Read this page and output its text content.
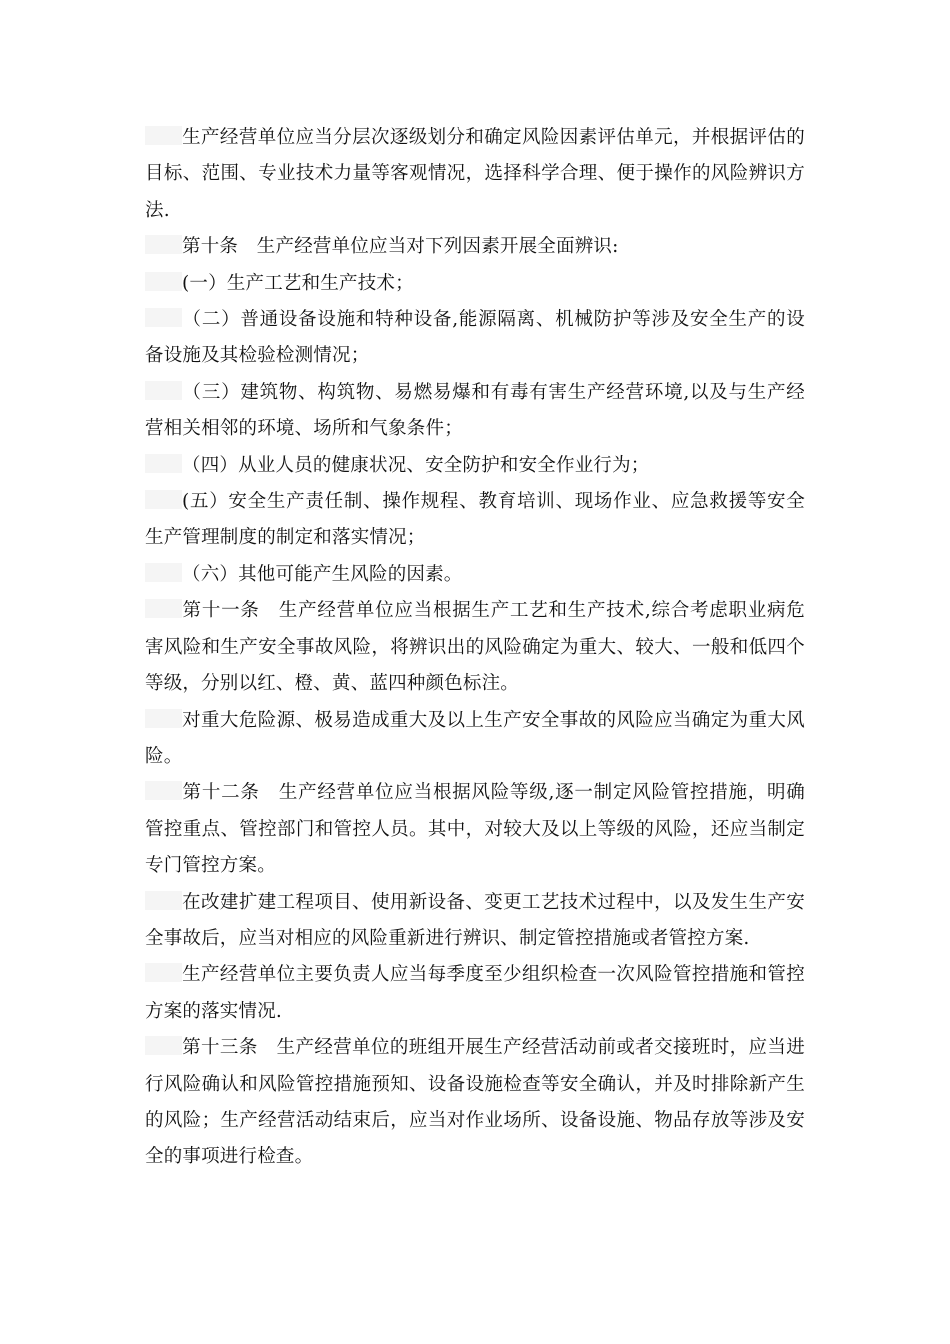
生产经营单位应当分层次逐级划分和确定风险因素评估单元，并根据评估的目标、范围、专业技术力量等客观情况，选择科学合理、便于操作的风险辨识方法.

第十条　生产经营单位应当对下列因素开展全面辨识:

(一）生产工艺和生产技术；

（二）普通设备设施和特种设备,能源隔离、机械防护等涉及安全生产的设备设施及其检验检测情况；

（三）建筑物、构筑物、易燃易爆和有毒有害生产经营环境,以及与生产经营相关相邻的环境、场所和气象条件；

（四）从业人员的健康状况、安全防护和安全作业行为；

(五）安全生产责任制、操作规程、教育培训、现场作业、应急救援等安全生产管理制度的制定和落实情况；

（六）其他可能产生风险的因素。

第十一条　生产经营单位应当根据生产工艺和生产技术,综合考虑职业病危害风险和生产安全事故风险，将辨识出的风险确定为重大、较大、一般和低四个等级，分别以红、橙、黄、蓝四种颜色标注。

对重大危险源、极易造成重大及以上生产安全事故的风险应当确定为重大风险。

第十二条　生产经营单位应当根据风险等级,逐一制定风险管控措施，明确管控重点、管控部门和管控人员。其中，对较大及以上等级的风险，还应当制定专门管控方案。

在改建扩建工程项目、使用新设备、变更工艺技术过程中，以及发生生产安全事故后，应当对相应的风险重新进行辨识、制定管控措施或者管控方案.

生产经营单位主要负责人应当每季度至少组织检查一次风险管控措施和管控方案的落实情况.

第十三条　生产经营单位的班组开展生产经营活动前或者交接班时，应当进行风险确认和风险管控措施预知、设备设施检查等安全确认，并及时排除新产生的风险；生产经营活动结束后，应当对作业场所、设备设施、物品存放等涉及安全的事项进行检查。
